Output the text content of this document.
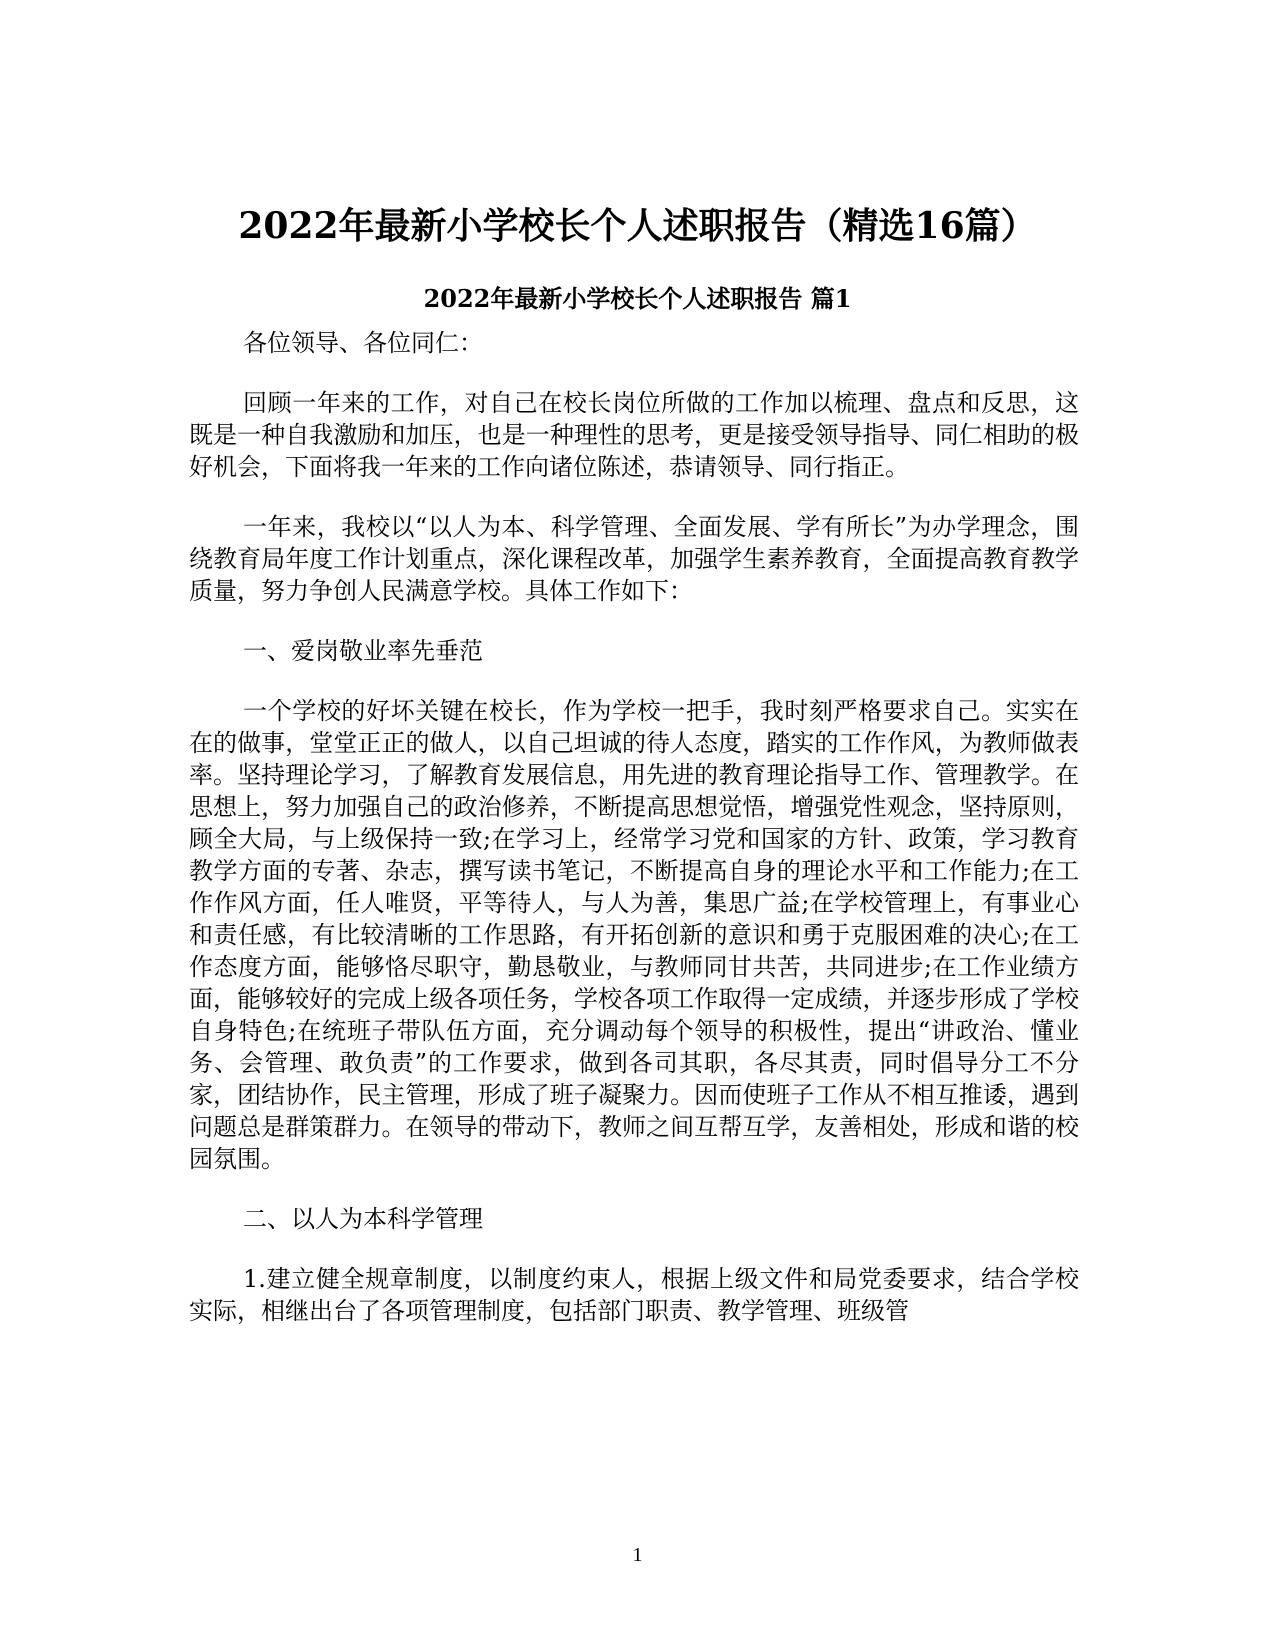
2022年最新小学校长个人述职报告（精选16篇）
2022年最新小学校长个人述职报告 篇1

各位领导、各位同仁：

回顾一年来的工作，对自己在校长岗位所做的工作加以梳理、盘点和反思，这既是一种自我激励和加压，也是一种理性的思考，更是接受领导指导、同仁相助的极好机会，下面将我一年来的工作向诸位陈述，恭请领导、同行指正。

一年来，我校以“以人为本、科学管理、全面发展、学有所长”为办学理念，围绕教育局年度工作计划重点，深化课程改革，加强学生素养教育，全面提高教育教学质量，努力争创人民满意学校。具体工作如下：

一、爱岗敬业率先垂范

一个学校的好坏关键在校长，作为学校一把手，我时刻严格要求自己。实实在在的做事，堂堂正正的做人，以自己坦诚的待人态度，踏实的工作作风，为教师做表率。坚持理论学习，了解教育发展信息，用先进的教育理论指导工作、管理教学。在思想上，努力加强自己的政治修养，不断提高思想觉悟，增强党性观念，坚持原则，顾全大局，与上级保持一致;在学习上，经常学习党和国家的方针、政策，学习教育教学方面的专著、杂志，撰写读书笔记，不断提高自身的理论水平和工作能力;在工作作风方面，任人唯贤，平等待人，与人为善，集思广益;在学校管理上，有事业心和责任感，有比较清晰的工作思路，有开拓创新的意识和勇于克服困难的决心;在工作态度方面，能够恪尽职守，勤恳敬业，与教师同甘共苦，共同进步;在工作业绩方面，能够较好的完成上级各项任务，学校各项工作取得一定成绩，并逐步形成了学校自身特色;在统班子带队伍方面，充分调动每个领导的积极性，提出“讲政治、懂业务、会管理、敢负责”的工作要求，做到各司其职，各尽其责，同时倡导分工不分家，团结协作，民主管理，形成了班子凝聚力。因而使班子工作从不相互推诿，遇到问题总是群策群力。在领导的带动下，教师之间互帮互学，友善相处，形成和谐的校园氛围。

二、以人为本科学管理

1.建立健全规章制度，以制度约束人，根据上级文件和局党委要求，结合学校实际，相继出台了各项管理制度，包括部门职责、教学管理、班级管

1
